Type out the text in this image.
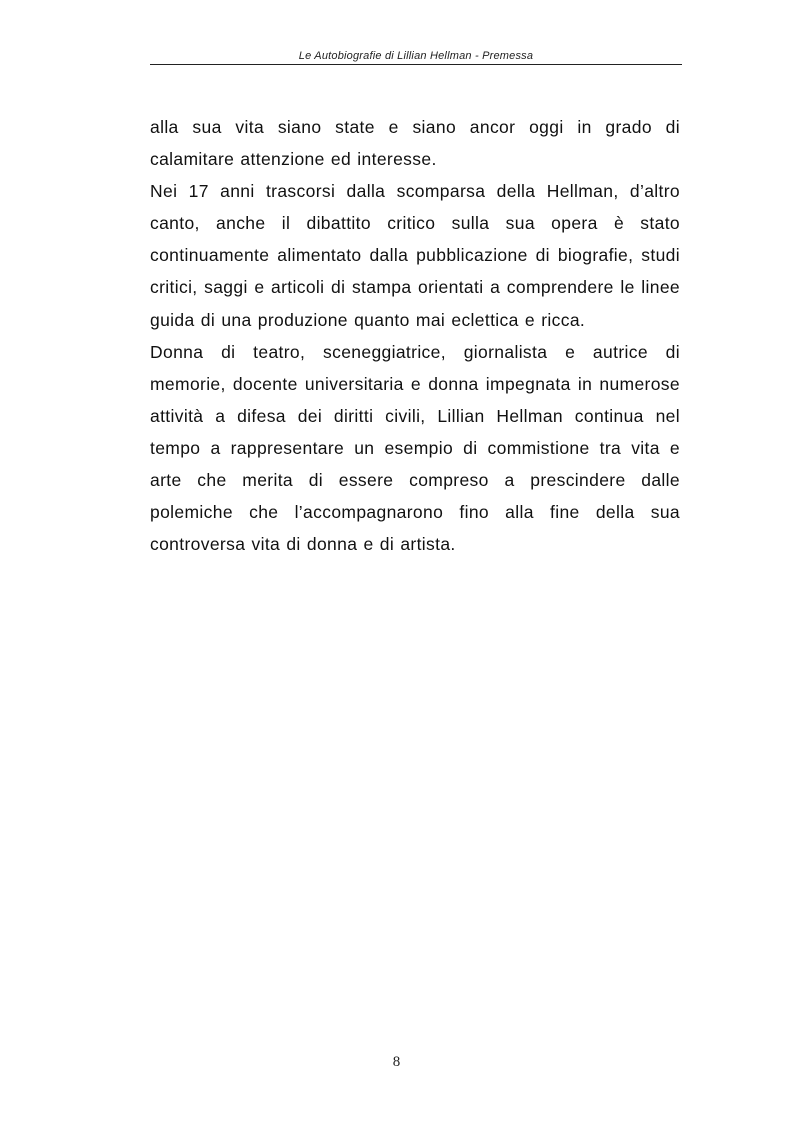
Le Autobiografie di Lillian Hellman - Premessa

alla sua vita siano state e siano ancor oggi in grado di calamitare attenzione ed interesse.

Nei 17 anni trascorsi dalla scomparsa della Hellman, d’altro canto, anche il dibattito critico sulla sua opera è stato continuamente alimentato dalla pubblicazione di biografie, studi critici, saggi e articoli di stampa orientati a comprendere le linee guida di una produzione quanto mai eclettica e ricca.

Donna di teatro, sceneggiatrice, giornalista e autrice di memorie, docente universitaria e donna impegnata in numerose attività a difesa dei diritti civili, Lillian Hellman continua nel tempo a rappresentare un esempio di commistione tra vita e arte che merita di essere compreso a prescindere dalle polemiche che l’accompagnarono fino alla fine della sua controversa vita di donna e di artista.

8
